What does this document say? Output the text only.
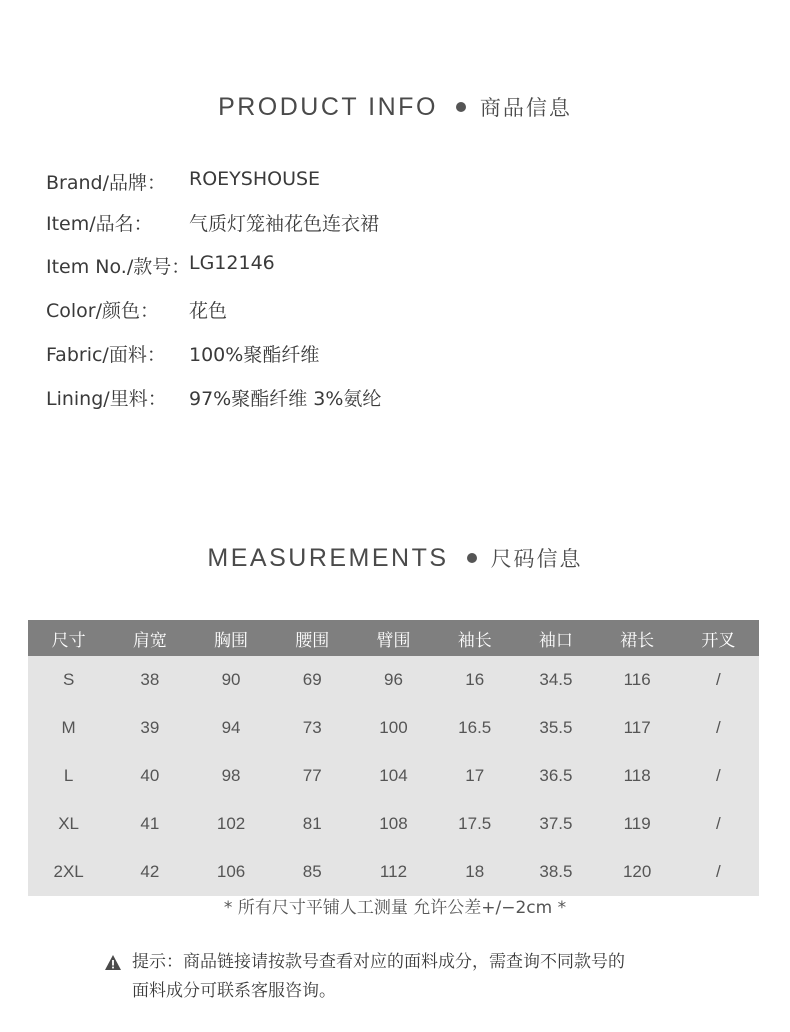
PRODUCT INFO 商品信息
Brand/品牌： ROEYSHOUSE
Item/品名： 气质灯笼袖花色连衣裙
Item No./款号：
LG12146
Color/颜色： 花色
Fabric/面料： 100%聚酯纤维
Lining/里料： 97%聚酯纤维 3%氨纶
MEASUREMENTS 尺码信息
尺寸	肩宽	胸围	腰围	臂围	袖长	袖口	裙长	开叉
S	38	90	69	96	16	34.5	116	/
M	39	94	73	100	16.5	35.5	117	/
L	40	98	77	104	17	36.5	118	/
XL	41	102	81	108	17.5	37.5	119	/
2XL	42	106	85	112	18	38.5	120	/
* 所有尺寸平铺人工测量 允许公差+/−2cm *
提示：商品链接请按款号查看对应的面料成分，需查询不同款号的
面料成分可联系客服咨询。
